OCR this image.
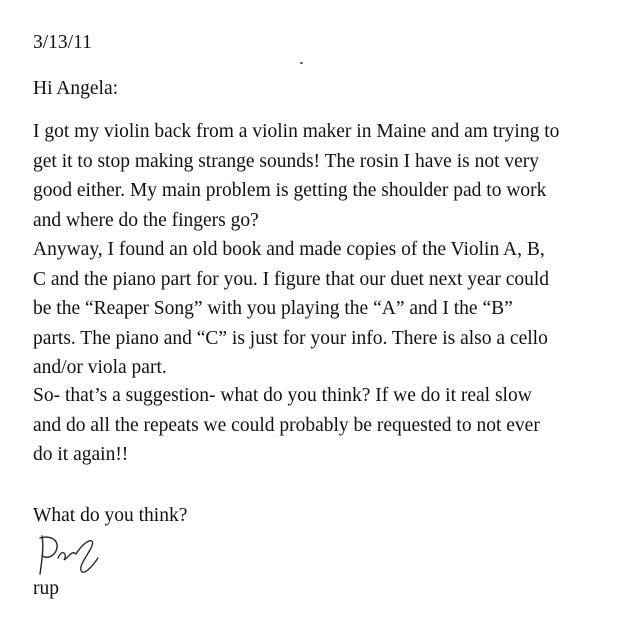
3/13/11

Hi Angela:

I got my violin back from a violin maker in Maine and am trying to
get it to stop making strange sounds! The rosin I have is not very
good either. My main problem is getting the shoulder pad to work
and where do the fingers go?

Anyway, I found an old book and made copies of the Violin A, B,
C and the piano part for you. I figure that our duet next year could
be the “Reaper Song” with you playing the “A” and I the “B”
parts. The piano and “C” is just for your info. There is also a cello
and/or viola part.

So- that’s a suggestion- what do you think? If we do it real slow
and do all the repeats we could probably be requested to not ever
do it again!!

What do you think?

rup
